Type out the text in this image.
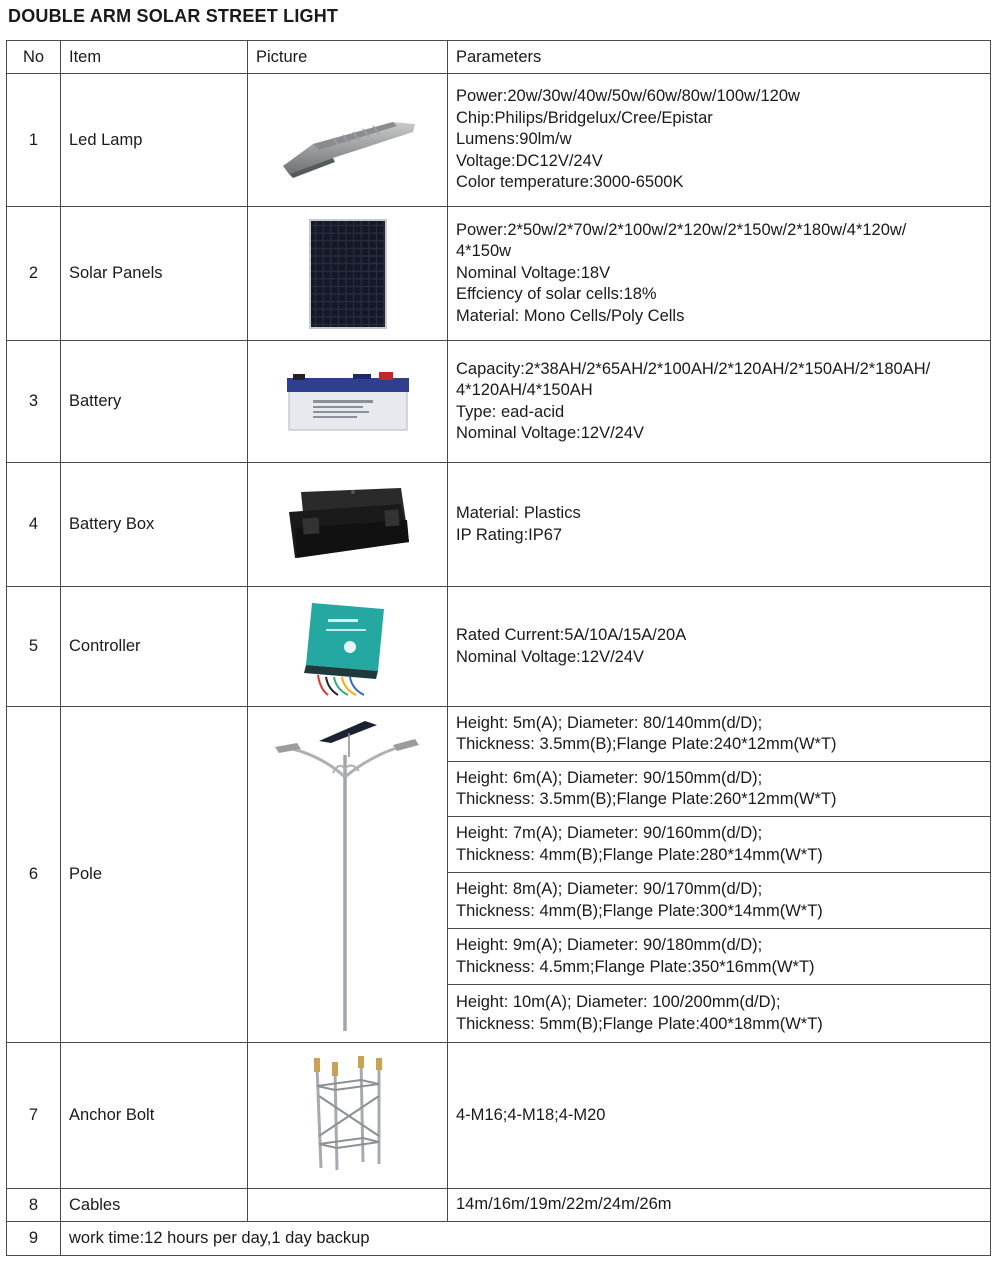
DOUBLE ARM SOLAR STREET LIGHT
No	Item	Picture	Parameters
1	Led Lamp		Power:20w/30w/40w/50w/60w/80w/100w/120w
Chip:Philips/Bridgelux/Cree/Epistar
Lumens:90lm/w
Voltage:DC12V/24V
Color temperature:3000-6500K

2	Solar Panels		Power:2*50w/2*70w/2*100w/2*120w/2*150w/2*180w/4*120w/
4*150w
Nominal Voltage:18V
Effciency of solar cells:18%
Material: Mono Cells/Poly Cells

3	Battery		Capacity:2*38AH/2*65AH/2*100AH/2*120AH/2*150AH/2*180AH/
4*120AH/4*150AH
Type: ead-acid
Nominal Voltage:12V/24V

4	Battery Box		Material: Plastics
IP Rating:IP67

5	Controller		Rated Current:5A/10A/15A/20A
Nominal Voltage:12V/24V

6	Pole		Height: 5m(A); Diameter: 80/140mm(d/D);
Thickness: 3.5mm(B);Flange Plate:240*12mm(W*T)

			Height: 6m(A); Diameter: 90/150mm(d/D);
Thickness: 3.5mm(B);Flange Plate:260*12mm(W*T)

			Height: 7m(A); Diameter: 90/160mm(d/D);
Thickness: 4mm(B);Flange Plate:280*14mm(W*T)

			Height: 8m(A); Diameter: 90/170mm(d/D);
Thickness: 4mm(B);Flange Plate:300*14mm(W*T)

			Height: 9m(A); Diameter: 90/180mm(d/D);
Thickness: 4.5mm;Flange Plate:350*16mm(W*T)

			Height: 10m(A); Diameter: 100/200mm(d/D);
Thickness: 5mm(B);Flange Plate:400*18mm(W*T)

7	Anchor Bolt		4-M16;4-M18;4-M20

8	Cables		14m/16m/19m/22m/24m/26m

9	work time:12 hours per day,1 day backup		
